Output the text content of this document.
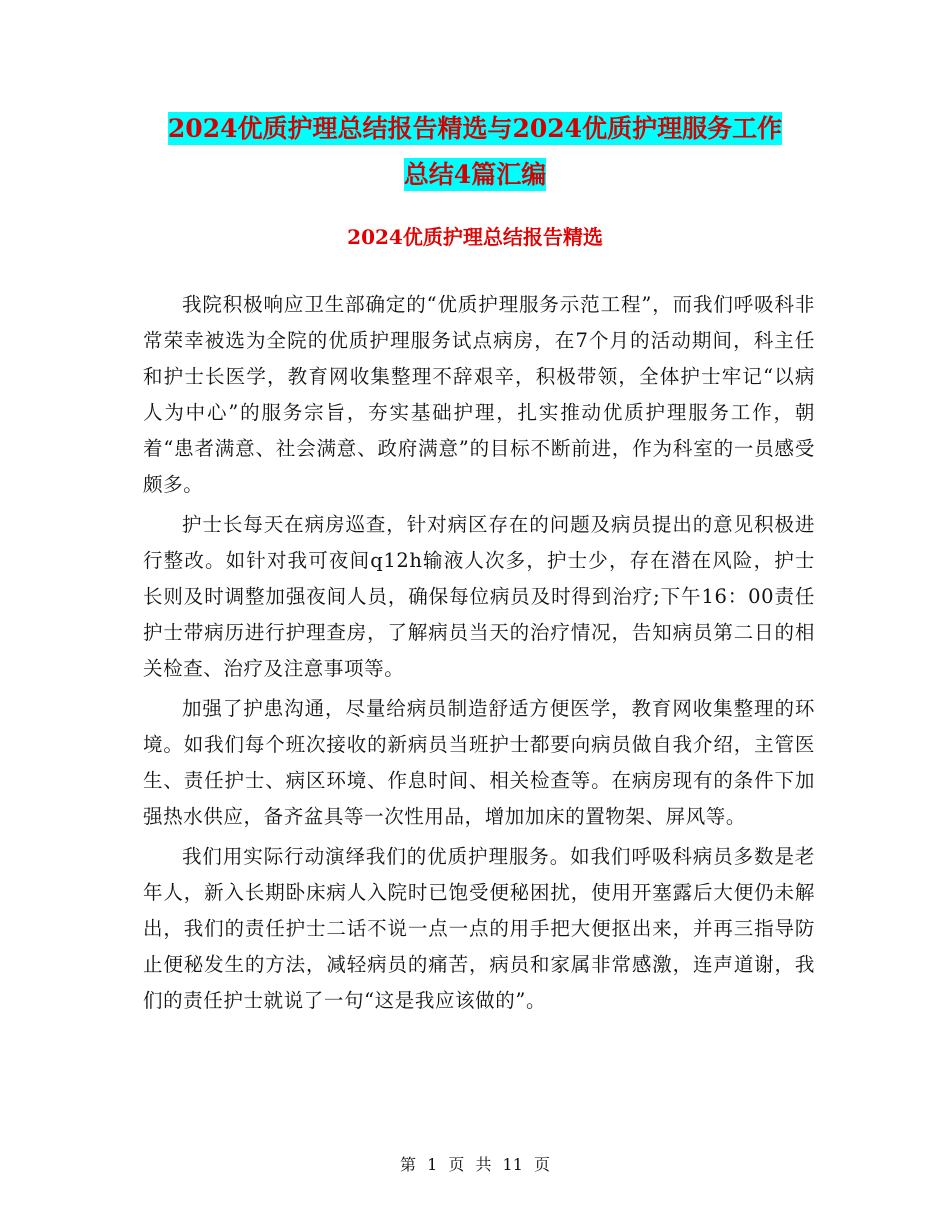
2024优质护理总结报告精选与2024优质护理服务工作
总结4篇汇编
2024优质护理总结报告精选

我院积极响应卫生部确定的“优质护理服务示范工程”，而我们呼吸科非常荣幸被选为全院的优质护理服务试点病房，在7个月的活动期间，科主任和护士长医学，教育网收集整理不辞艰辛，积极带领，全体护士牢记“以病人为中心”的服务宗旨，夯实基础护理，扎实推动优质护理服务工作，朝着“患者满意、社会满意、政府满意”的目标不断前进，作为科室的一员感受颇多。

护士长每天在病房巡查，针对病区存在的问题及病员提出的意见积极进行整改。如针对我可夜间q12h输液人次多，护士少，存在潜在风险，护士长则及时调整加强夜间人员，确保每位病员及时得到治疗;下午16：00责任护士带病历进行护理查房，了解病员当天的治疗情况，告知病员第二日的相关检查、治疗及注意事项等。

加强了护患沟通，尽量给病员制造舒适方便医学，教育网收集整理的环境。如我们每个班次接收的新病员当班护士都要向病员做自我介绍，主管医生、责任护士、病区环境、作息时间、相关检查等。在病房现有的条件下加强热水供应，备齐盆具等一次性用品，增加加床的置物架、屏风等。

我们用实际行动演绎我们的优质护理服务。如我们呼吸科病员多数是老年人，新入长期卧床病人入院时已饱受便秘困扰，使用开塞露后大便仍未解出，我们的责任护士二话不说一点一点的用手把大便抠出来，并再三指导防止便秘发生的方法，减轻病员的痛苦，病员和家属非常感激，连声道谢，我们的责任护士就说了一句“这是我应该做的”。

第 1 页 共 11 页
